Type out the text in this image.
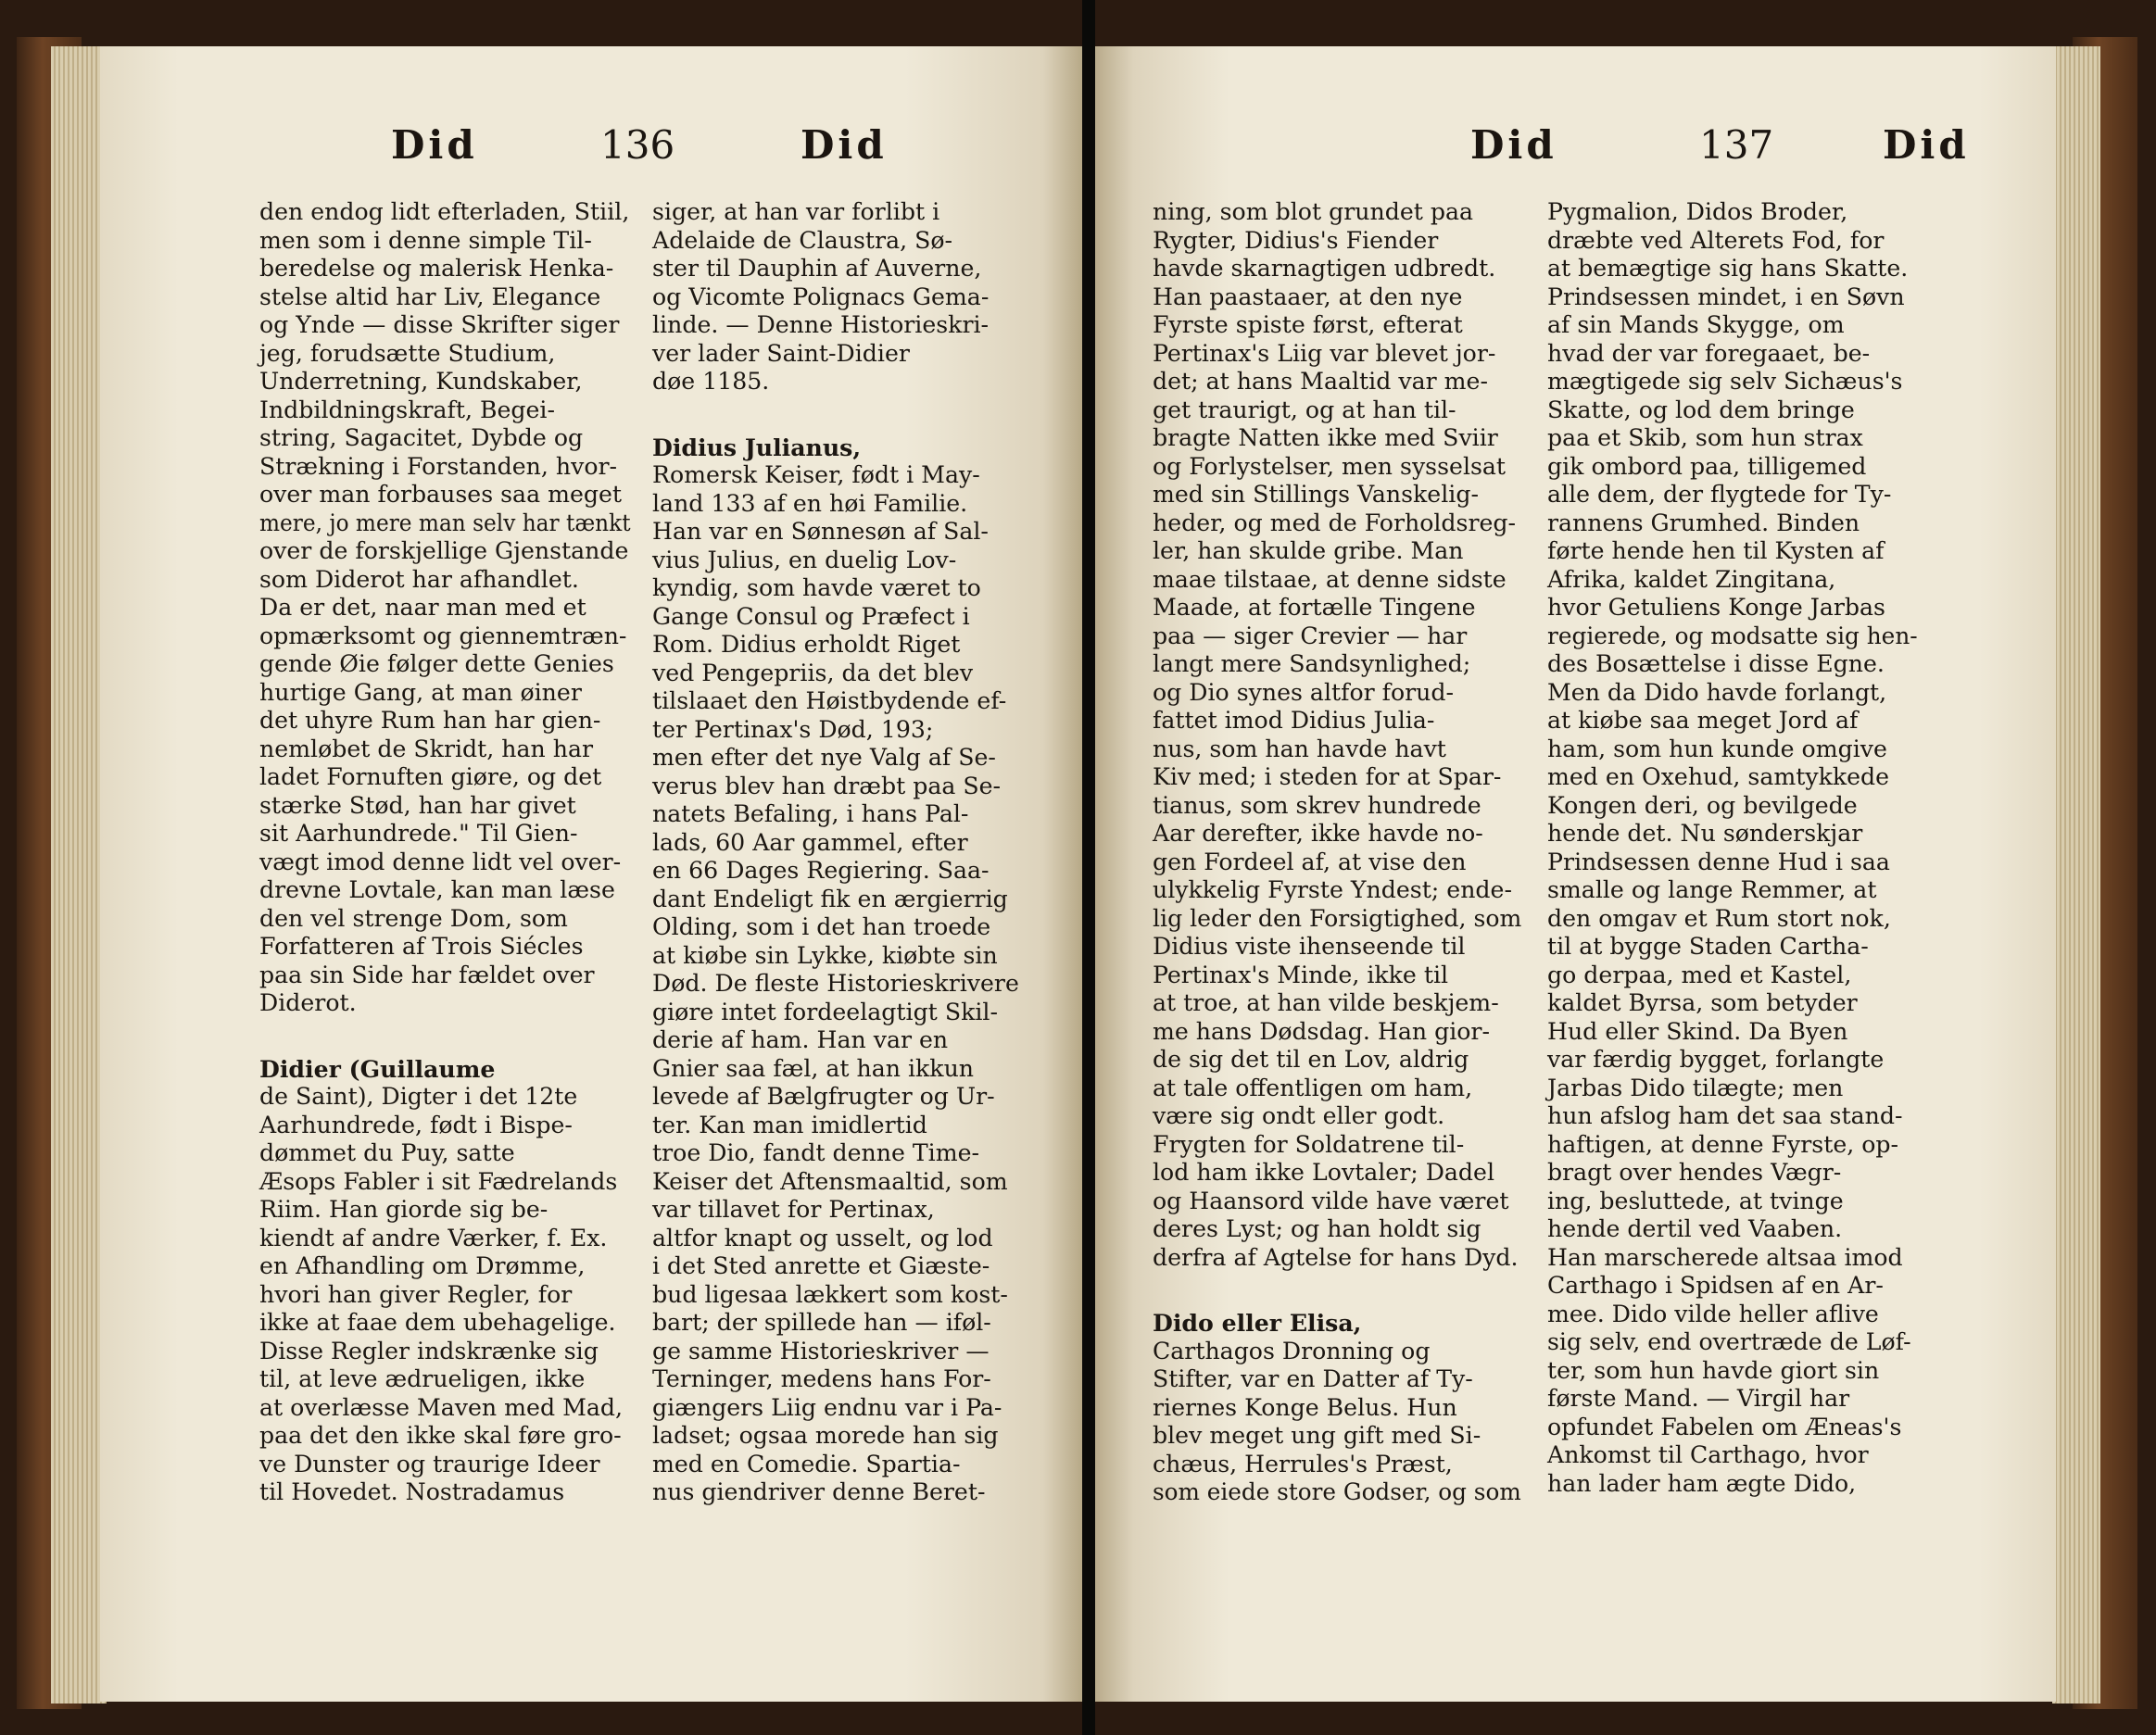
Did	136	Did
den endog lidt efterladen, Stiil,
men som i denne simple Til-
beredelse og malerisk Henka-
stelse altid har Liv, Elegance
og Ynde — disse Skrifter siger
jeg, forudsætte Studium,
Underretning, Kundskaber,
Indbildningskraft, Begei-
string, Sagacitet, Dybde og
Strækning i Forstanden, hvor-
over man forbauses saa meget
mere, jo mere man selv har tænkt
over de forskjellige Gjenstande
som Diderot har afhandlet.
Da er det, naar man med et
opmærksomt og giennemtræn-
gende Øie følger dette Genies
hurtige Gang, at man øiner
det uhyre Rum han har gien-
nemløbet de Skridt, han har
ladet Fornuften giøre, og det
stærke Stød, han har givet
sit Aarhundrede." Til Gien-
vægt imod denne lidt vel over-
drevne Lovtale, kan man læse
den vel strenge Dom, som
Forfatteren af Trois Siécles
paa sin Side har fældet over
Diderot.
Didier (Guillaume
de Saint), Digter i det 12te
Aarhundrede, født i Bispe-
dømmet du Puy, satte
Æsops Fabler i sit Fædrelands
Riim. Han giorde sig be-
kiendt af andre Værker, f. Ex.
en Afhandling om Drømme,
hvori han giver Regler, for
ikke at faae dem ubehagelige.
Disse Regler indskrænke sig
til, at leve ædrueligen, ikke
at overlæsse Maven med Mad,
paa det den ikke skal føre gro-
ve Dunster og traurige Ideer
til Hovedet. Nostradamus
siger, at han var forlibt i
Adelaide de Claustra, Sø-
ster til Dauphin af Auverne,
og Vicomte Polignacs Gema-
linde. — Denne Historieskri-
ver lader Saint-Didier
døe 1185.
Didius Julianus,
Romersk Keiser, født i May-
land 133 af en høi Familie.
Han var en Sønnesøn af Sal-
vius Julius, en duelig Lov-
kyndig, som havde været to
Gange Consul og Præfect i
Rom. Didius erholdt Riget
ved Pengepriis, da det blev
tilslaaet den Høistbydende ef-
ter Pertinax's Død, 193;
men efter det nye Valg af Se-
verus blev han dræbt paa Se-
natets Befaling, i hans Pal-
lads, 60 Aar gammel, efter
en 66 Dages Regiering. Saa-
dant Endeligt fik en ærgierrig
Olding, som i det han troede
at kiøbe sin Lykke, kiøbte sin
Død. De fleste Historieskrivere
giøre intet fordeelagtigt Skil-
derie af ham. Han var en
Gnier saa fæl, at han ikkun
levede af Bælgfrugter og Ur-
ter. Kan man imidlertid
troe Dio, fandt denne Time-
Keiser det Aftensmaaltid, som
var tillavet for Pertinax,
altfor knapt og usselt, og lod
i det Sted anrette et Giæste-
bud ligesaa lækkert som kost-
bart; der spillede han — iføl-
ge samme Historieskriver —
Terninger, medens hans For-
giængers Liig endnu var i Pa-
ladset; ogsaa morede han sig
med en Comedie. Spartia-
nus giendriver denne Beret-
Did	137	Did
ning, som blot grundet paa
Rygter, Didius's Fiender
havde skarnagtigen udbredt.
Han paastaaer, at den nye
Fyrste spiste først, efterat
Pertinax's Liig var blevet jor-
det; at hans Maaltid var me-
get traurigt, og at han til-
bragte Natten ikke med Sviir
og Forlystelser, men sysselsat
med sin Stillings Vanskelig-
heder, og med de Forholdsreg-
ler, han skulde gribe. Man
maae tilstaae, at denne sidste
Maade, at fortælle Tingene
paa — siger Crevier — har
langt mere Sandsynlighed;
og Dio synes altfor forud-
fattet imod Didius Julia-
nus, som han havde havt
Kiv med; i steden for at Spar-
tianus, som skrev hundrede
Aar derefter, ikke havde no-
gen Fordeel af, at vise den
ulykkelig Fyrste Yndest; ende-
lig leder den Forsigtighed, som
Didius viste ihenseende til
Pertinax's Minde, ikke til
at troe, at han vilde beskjem-
me hans Dødsdag. Han gior-
de sig det til en Lov, aldrig
at tale offentligen om ham,
være sig ondt eller godt.
Frygten for Soldatrene til-
lod ham ikke Lovtaler; Dadel
og Haansord vilde have været
deres Lyst; og han holdt sig
derfra af Agtelse for hans Dyd.
Dido eller Elisa,
Carthagos Dronning og
Stifter, var en Datter af Ty-
riernes Konge Belus. Hun
blev meget ung gift med Si-
chæus, Herrules's Præst,
som eiede store Godser, og som
Pygmalion, Didos Broder,
dræbte ved Alterets Fod, for
at bemægtige sig hans Skatte.
Prindsessen mindet, i en Søvn
af sin Mands Skygge, om
hvad der var foregaaet, be-
mægtigede sig selv Sichæus's
Skatte, og lod dem bringe
paa et Skib, som hun strax
gik ombord paa, tilligemed
alle dem, der flygtede for Ty-
rannens Grumhed. Binden
førte hende hen til Kysten af
Afrika, kaldet Zingitana,
hvor Getuliens Konge Jarbas
regierede, og modsatte sig hen-
des Bosættelse i disse Egne.
Men da Dido havde forlangt,
at kiøbe saa meget Jord af
ham, som hun kunde omgive
med en Oxehud, samtykkede
Kongen deri, og bevilgede
hende det. Nu sønderskjar
Prindsessen denne Hud i saa
smalle og lange Remmer, at
den omgav et Rum stort nok,
til at bygge Staden Cartha-
go derpaa, med et Kastel,
kaldet Byrsa, som betyder
Hud eller Skind. Da Byen
var færdig bygget, forlangte
Jarbas Dido tilægte; men
hun afslog ham det saa stand-
haftigen, at denne Fyrste, op-
bragt over hendes Vægr-
ing, besluttede, at tvinge
hende dertil ved Vaaben.
Han marscherede altsaa imod
Carthago i Spidsen af en Ar-
mee. Dido vilde heller aflive
sig selv, end overtræde de Løf-
ter, som hun havde giort sin
første Mand. — Virgil har
opfundet Fabelen om Æneas's
Ankomst til Carthago, hvor
han lader ham ægte Dido,
